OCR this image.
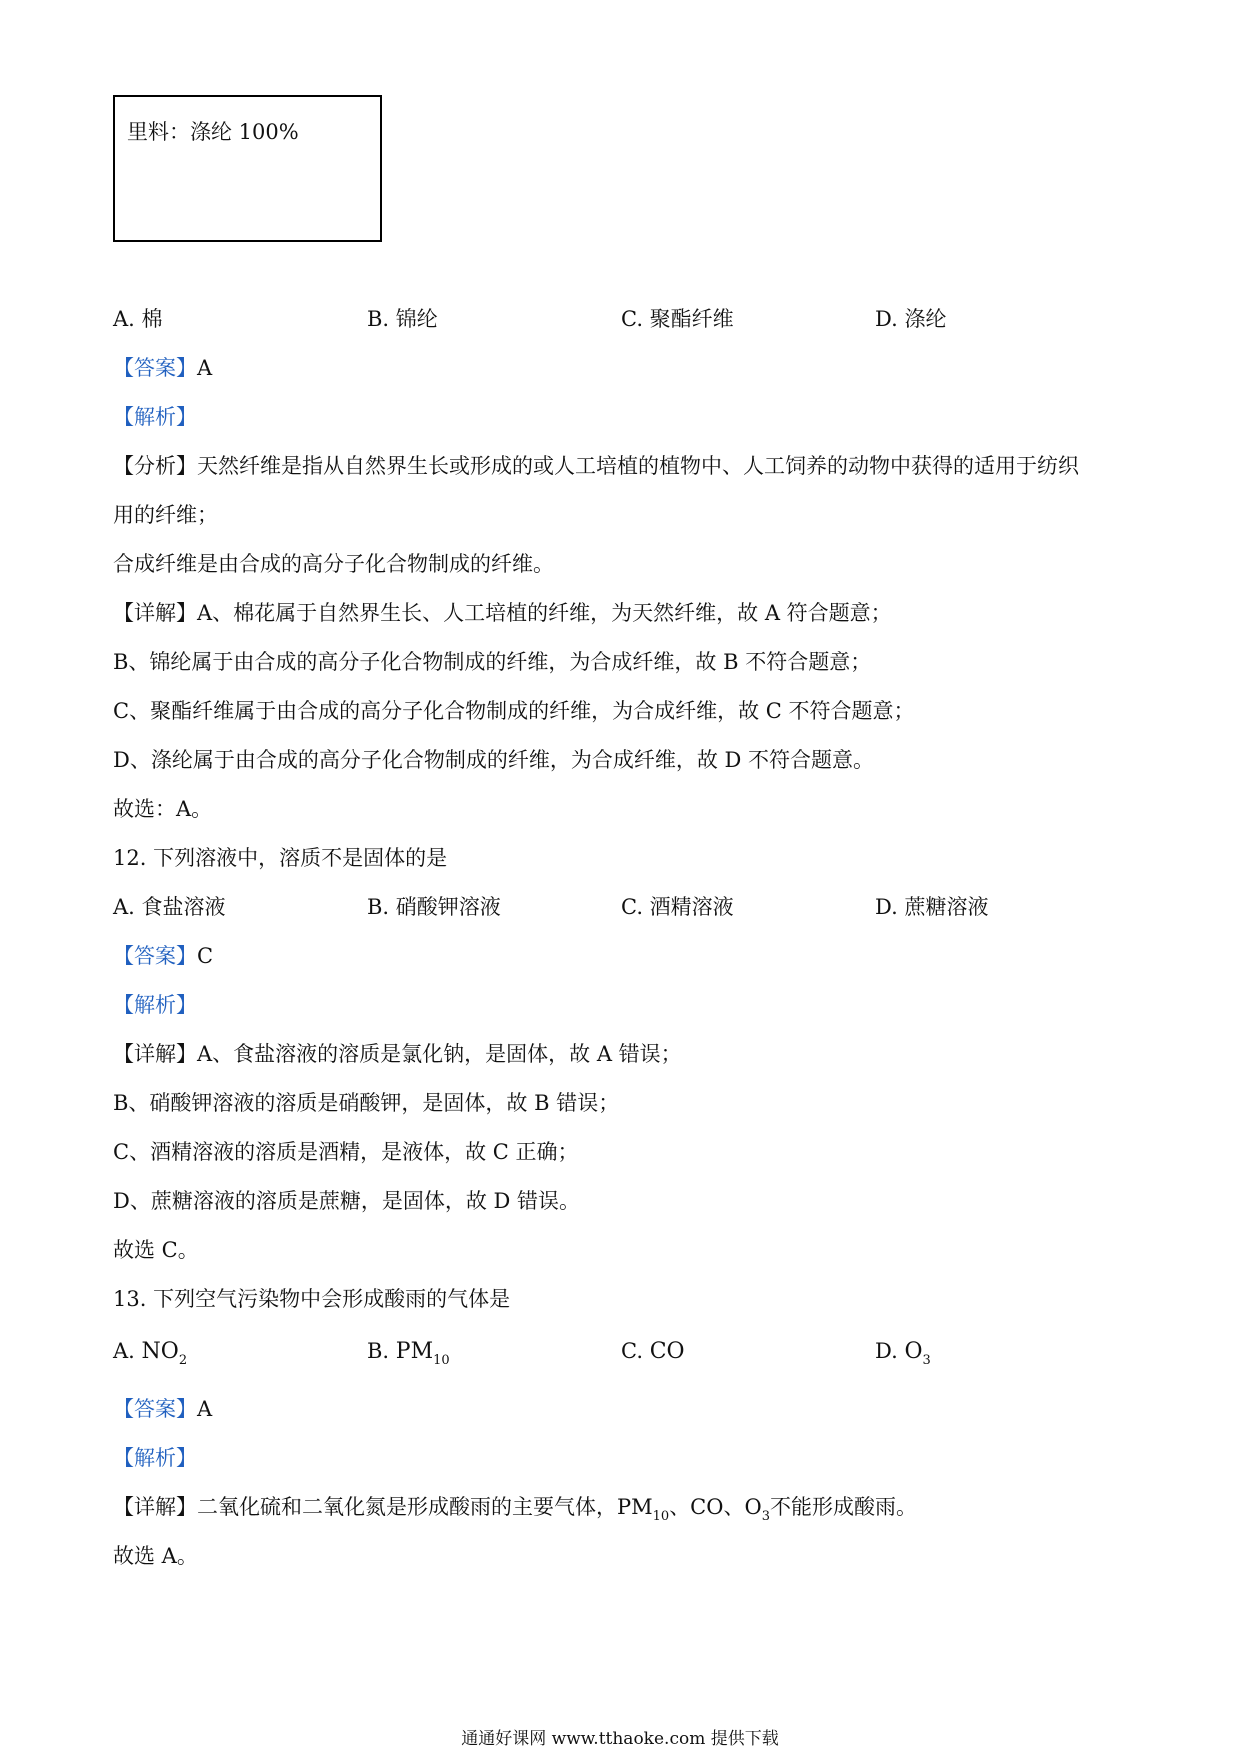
里料：涤纶 100%
A. 棉	B. 锦纶	C. 聚酯纤维	D. 涤纶
【答案】A
【解析】
【分析】天然纤维是指从自然界生长或形成的或人工培植的植物中、人工饲养的动物中获得的适用于纺织
用的纤维；
合成纤维是由合成的高分子化合物制成的纤维。
【详解】A、棉花属于自然界生长、人工培植的纤维，为天然纤维，故 A 符合题意；
B、锦纶属于由合成的高分子化合物制成的纤维，为合成纤维，故 B 不符合题意；
C、聚酯纤维属于由合成的高分子化合物制成的纤维，为合成纤维，故 C 不符合题意；
D、涤纶属于由合成的高分子化合物制成的纤维，为合成纤维，故 D 不符合题意。
故选：A。
12. 下列溶液中，溶质不是固体的是
A. 食盐溶液	B. 硝酸钾溶液	C. 酒精溶液	D. 蔗糖溶液
【答案】C
【解析】
【详解】A、食盐溶液的溶质是氯化钠，是固体，故 A 错误；
B、硝酸钾溶液的溶质是硝酸钾，是固体，故 B 错误；
C、酒精溶液的溶质是酒精，是液体，故 C 正确；
D、蔗糖溶液的溶质是蔗糖，是固体，故 D 错误。
故选 C。
13. 下列空气污染物中会形成酸雨的气体是
A. $NO_2$	B. $PM_{10}$	C. CO	D. $O_3$
【答案】A
【解析】
【详解】二氧化硫和二氧化氮是形成酸雨的主要气体，$PM_{10}$、CO、$O_3$不能形成酸雨。
故选 A。
通通好课网 www.tthaoke.com 提供下载
